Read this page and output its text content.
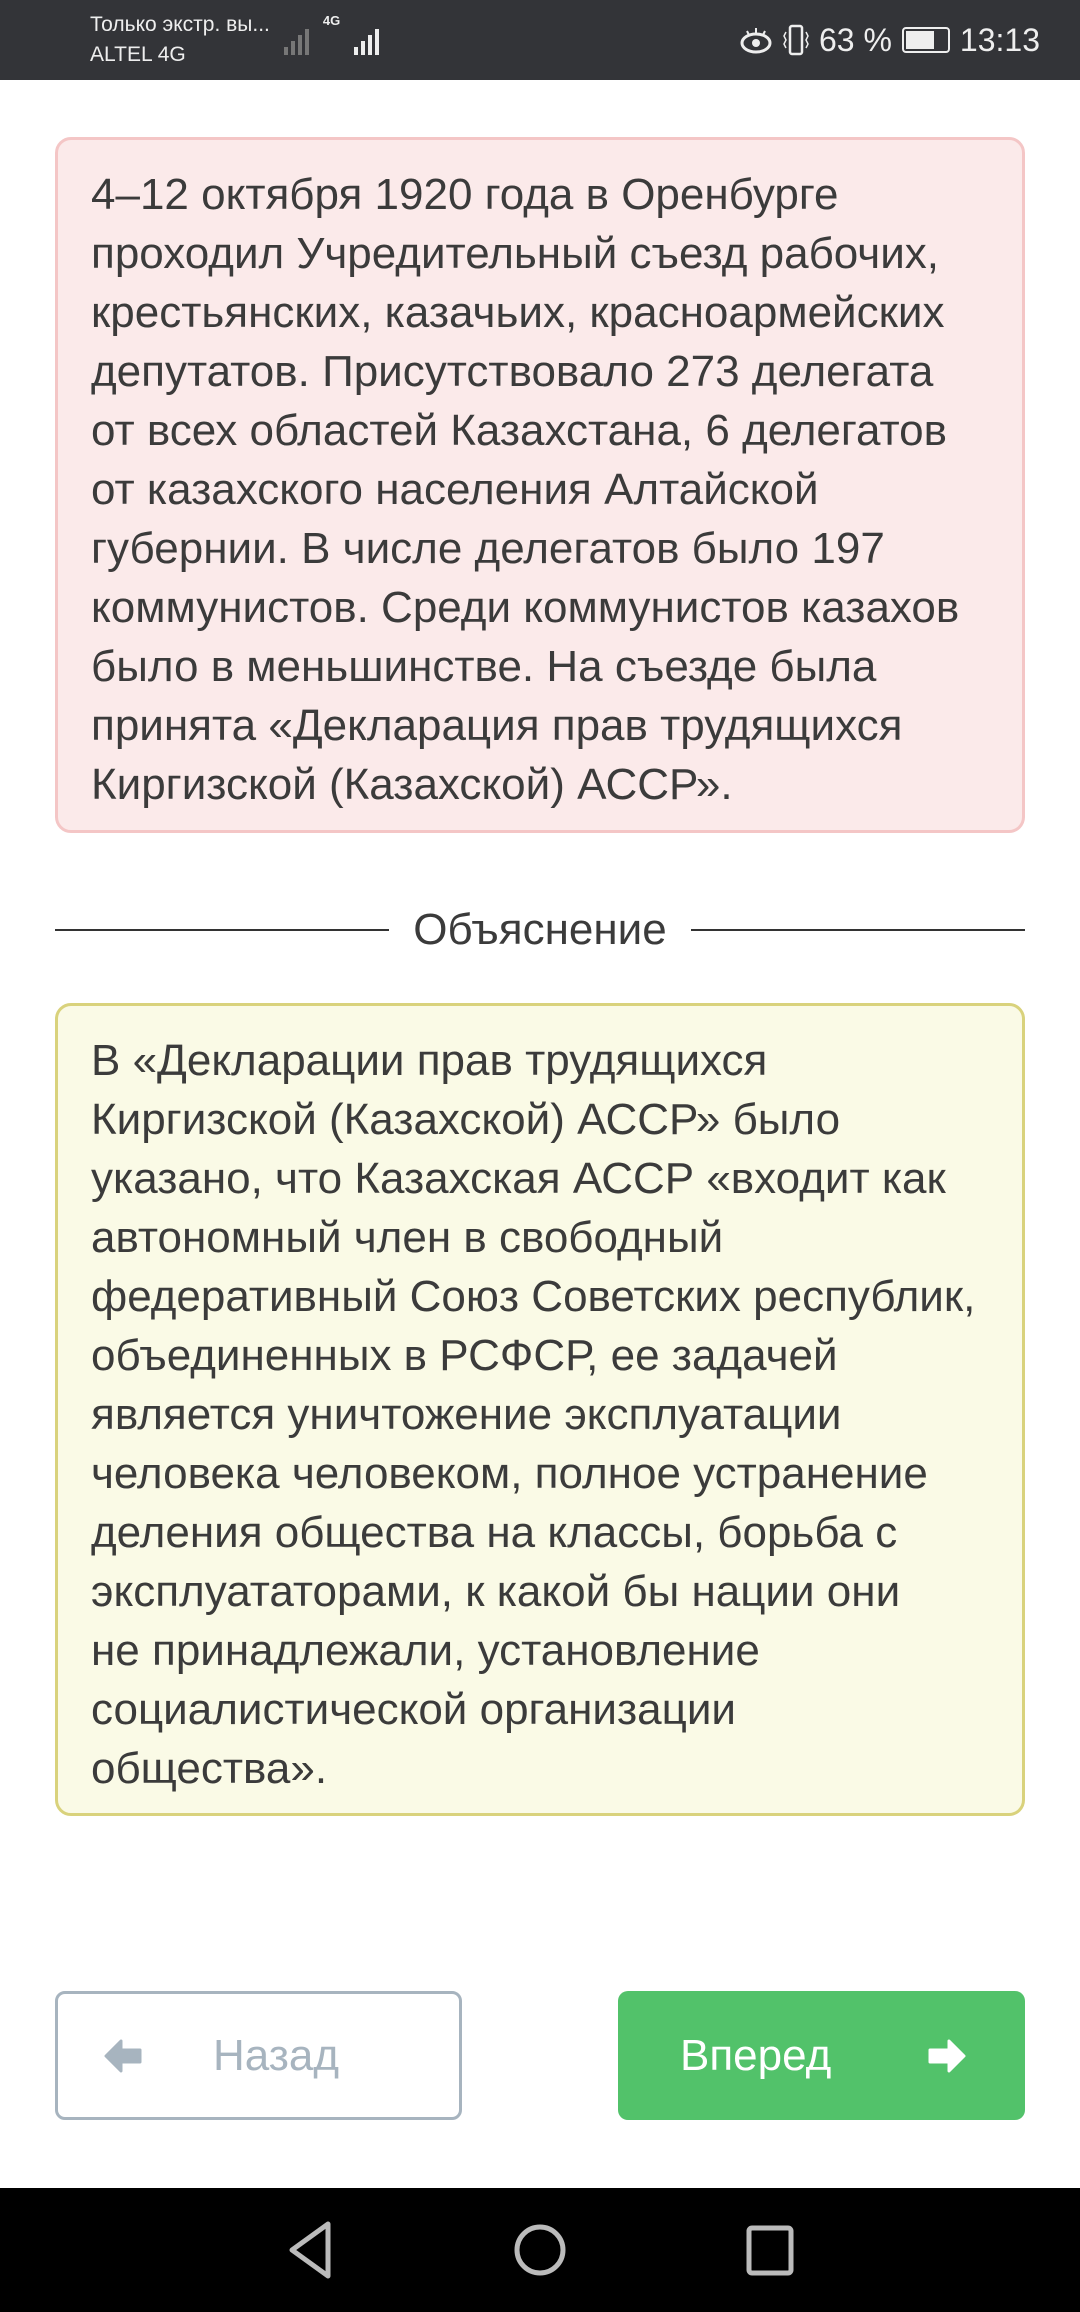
Только экстр. вы...
ALTEL 4G
4G
63 % 13:13
4–12 октября 1920 года в Оренбурге
проходил Учредительный съезд рабочих,
крестьянских, казачьих, красноармейских
депутатов. Присутствовало 273 делегата
от всех областей Казахстана, 6 делегатов
от казахского населения Алтайской
губернии. В числе делегатов было 197
коммунистов. Среди коммунистов казахов
было в меньшинстве. На съезде была
принята «Декларация прав трудящихся
Киргизской (Казахской) АССР».
Объяснение
В «Декларации прав трудящихся
Киргизской (Казахской) АССР» было
указано, что Казахская АССР «входит как
автономный член в свободный
федеративный Союз Советских республик,
объединенных в РСФСР, ее задачей
является уничтожение эксплуатации
человека человеком, полное устранение
деления общества на классы, борьба с
эксплуататорами, к какой бы нации они
не принадлежали, установление
социалистической организации
общества».
Назад	Вперед
